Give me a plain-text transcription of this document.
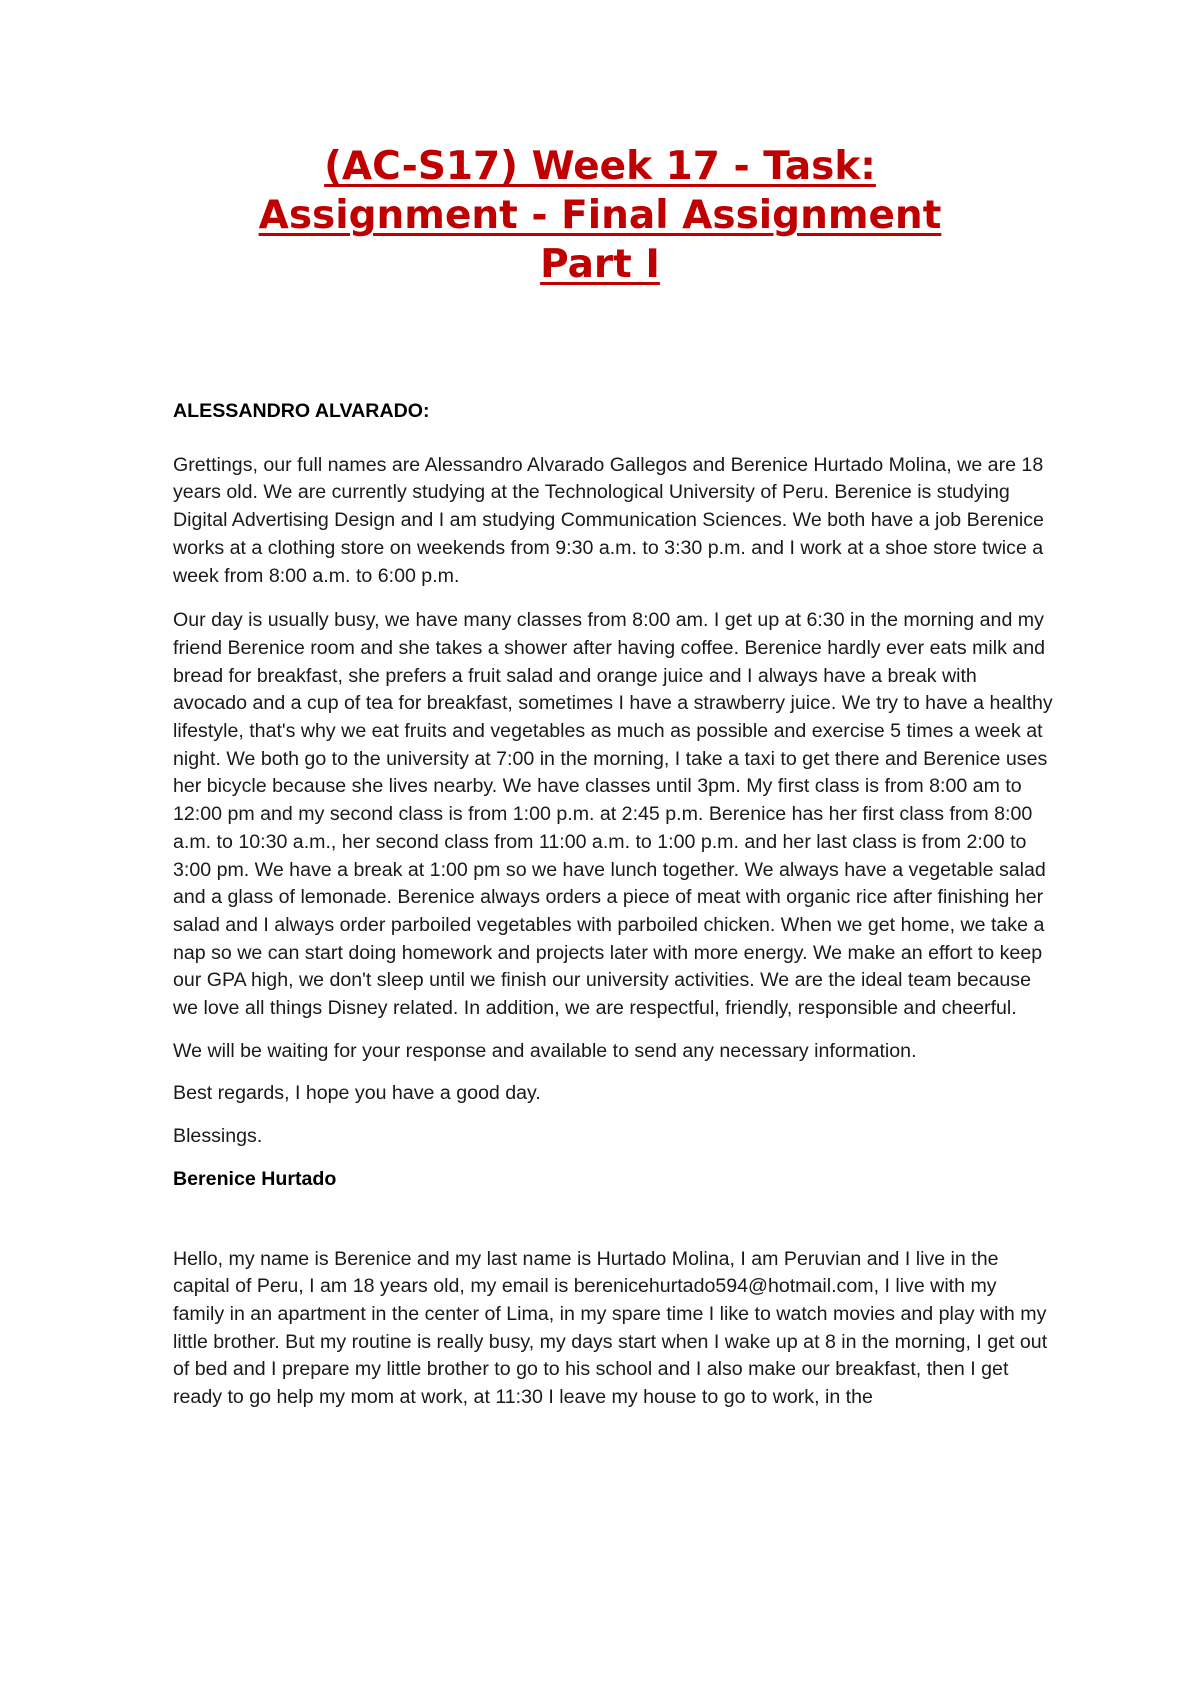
(AC-S17) Week 17 - Task:
Assignment - Final Assignment
Part I

ALESSANDRO ALVARADO:

Grettings, our full names are Alessandro Alvarado Gallegos and Berenice Hurtado Molina, we are 18 years old. We are currently studying at the Technological University of Peru. Berenice is studying Digital Advertising Design and I am studying Communication Sciences. We both have a job Berenice works at a clothing store on weekends from 9:30 a.m. to 3:30 p.m. and I work at a shoe store twice a week from 8:00 a.m. to 6:00 p.m.

Our day is usually busy, we have many classes from 8:00 am. I get up at 6:30 in the morning and my friend Berenice room and she takes a shower after having coffee. Berenice hardly ever eats milk and bread for breakfast, she prefers a fruit salad and orange juice and I always have a break with avocado and a cup of tea for breakfast, sometimes I have a strawberry juice. We try to have a healthy lifestyle, that's why we eat fruits and vegetables as much as possible and exercise 5 times a week at night. We both go to the university at 7:00 in the morning, I take a taxi to get there and Berenice uses her bicycle because she lives nearby. We have classes until 3pm. My first class is from 8:00 am to 12:00 pm and my second class is from 1:00 p.m. at 2:45 p.m. Berenice has her first class from 8:00 a.m. to 10:30 a.m., her second class from 11:00 a.m. to 1:00 p.m. and her last class is from 2:00 to 3:00 pm. We have a break at 1:00 pm so we have lunch together. We always have a vegetable salad and a glass of lemonade. Berenice always orders a piece of meat with organic rice after finishing her salad and I always order parboiled vegetables with parboiled chicken. When we get home, we take a nap so we can start doing homework and projects later with more energy. We make an effort to keep our GPA high, we don't sleep until we finish our university activities. We are the ideal team because we love all things Disney related. In addition, we are respectful, friendly, responsible and cheerful.

We will be waiting for your response and available to send any necessary information.

Best regards, I hope you have a good day.

Blessings.

Berenice Hurtado

Hello, my name is Berenice and my last name is Hurtado Molina, I am Peruvian and I live in the capital of Peru, I am 18 years old, my email is berenicehurtado594@hotmail.com, I live with my family in an apartment in the center of Lima, in my spare time I like to watch movies and play with my little brother. But my routine is really busy, my days start when I wake up at 8 in the morning, I get out of bed and I prepare my little brother to go to his school and I also make our breakfast, then I get ready to go help my mom at work, at 11:30 I leave my house to go to work, in the
